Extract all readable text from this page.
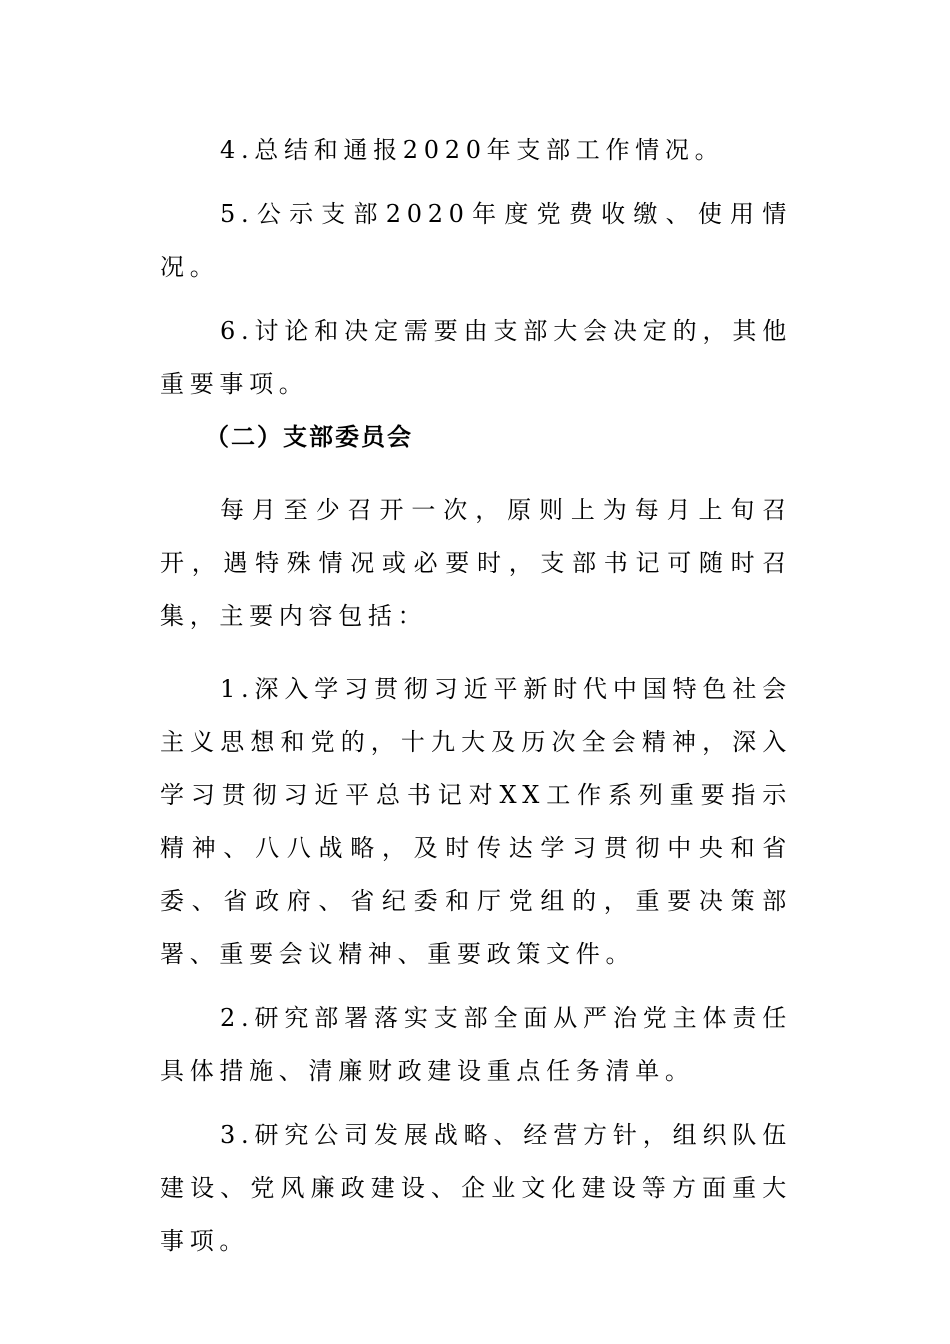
4.总结和通报2020年支部工作情况。

5.公示支部2020年度党费收缴、使用情况。

6.讨论和决定需要由支部大会决定的，其他重要事项。

（二）支部委员会

每月至少召开一次，原则上为每月上旬召开，遇特殊情况或必要时，支部书记可随时召集，主要内容包括：

1.深入学习贯彻习近平新时代中国特色社会主义思想和党的，十九大及历次全会精神，深入学习贯彻习近平总书记对XX工作系列重要指示精神、八八战略，及时传达学习贯彻中央和省委、省政府、省纪委和厅党组的，重要决策部署、重要会议精神、重要政策文件。

2.研究部署落实支部全面从严治党主体责任具体措施、清廉财政建设重点任务清单。

3.研究公司发展战略、经营方针，组织队伍建设、党风廉政建设、企业文化建设等方面重大事项。
